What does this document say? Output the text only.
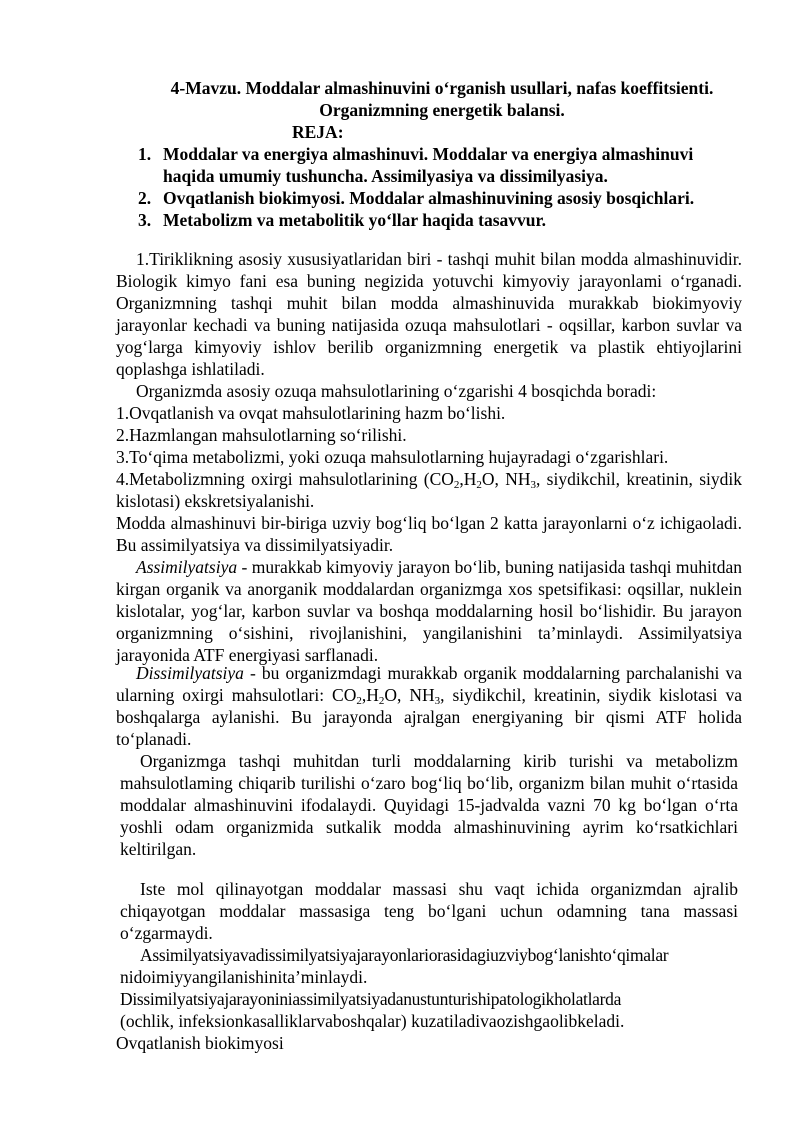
4-Mavzu. Moddalar almashinuvini o‘rganish usullari, nafas koeffitsienti.
Organizmning energetik balansi.
REJA:
1. Moddalar va energiya almashinuvi. Moddalar va energiya almashinuvi haqida umumiy tushuncha. Assimilyasiya va dissimilyasiya.
2. Ovqatlanish biokimyosi. Moddalar almashinuvining asosiy bosqichlari.
3. Metabolizm va metabolitik yo‘llar haqida tasavvur.
1.Tiriklikning asosiy xususiyatlaridan biri - tashqi muhit bilan modda almashinuvidir. Biologik kimyo fani esa buning negizida yotuvchi kimyoviy jarayonlami o‘rganadi. Organizmning tashqi muhit bilan modda almashinuvida murakkab biokimyoviy jarayonlar kechadi va buning natijasida ozuqa mahsulotlari - oqsillar, karbon suvlar va yog‘larga kimyoviy ishlov berilib organizmning energetik va plastik ehtiyojlarini qoplashga ishlatiladi.
Organizmda asosiy ozuqa mahsulotlarining o‘zgarishi 4 bosqichda boradi:
1.Ovqatlanish va ovqat mahsulotlarining hazm bo‘lishi.
2.Hazmlangan mahsulotlarning so‘rilishi.
3.To‘qima metabolizmi, yoki ozuqa mahsulotlarning hujayradagi o‘zgarishlari.
4.Metabolizmning oxirgi mahsulotlarining ($CO_2,H_2O$, $NH_3$, siydikchil, kreatinin, siydik kislotasi) ekskretsiyalanishi.
Modda almashinuvi bir-biriga uzviy bog‘liq bo‘lgan 2 katta jarayonlarni o‘z ichigaoladi. Bu assimilyatsiya va dissimilyatsiyadir.
Assimilyatsiya - murakkab kimyoviy jarayon bo‘lib, buning natijasida tashqi muhitdan kirgan organik va anorganik moddalardan organizmga xos spetsifikasi: oqsillar, nuklein kislotalar, yog‘lar, karbon suvlar va boshqa moddalarning hosil bo‘lishidir. Bu jarayon organizmning o‘sishini, rivojlanishini, yangilanishini ta’minlaydi. Assimilyatsiya jarayonida ATF energiyasi sarflanadi.
Dissimilyatsiya - bu organizmdagi murakkab organik moddalarning parchalanishi va ularning oxirgi mahsulotlari: $CO_2,H_2O$, $NH_3$, siydikchil, kreatinin, siydik kislotasi va boshqalarga aylanishi. Bu jarayonda ajralgan energiyaning bir qismi ATF holida to‘planadi.
Organizmga tashqi muhitdan turli moddalarning kirib turishi va metabolizm mahsulotlaming chiqarib turilishi o‘zaro bog‘liq bo‘lib, organizm bilan muhit o‘rtasida moddalar almashinuvini ifodalaydi. Quyidagi 15-jadvalda vazni 70 kg bo‘lgan o‘rta yoshli odam organizmida sutkalik modda almashinuvining ayrim ko‘rsatkichlari keltirilgan.
Iste mol qilinayotgan moddalar massasi shu vaqt ichida organizmdan ajralib chiqayotgan moddalar massasiga teng bo‘lgani uchun odamning tana massasi o‘zgarmaydi.
Assimilyatsiyavadissimilyatsiyajarayonlariorasidagiuzviybog‘lanishto‘qimalar
nidoimiyyangilanishinita’minlaydi.
Dissimilyatsiyajarayoniniassimilyatsiyadanustunturishipatologikholatlarda
(ochlik, infeksionkasalliklarvaboshqalar) kuzatiladivaozishgaolibkeladi.
Ovqatlanish biokimyosi
